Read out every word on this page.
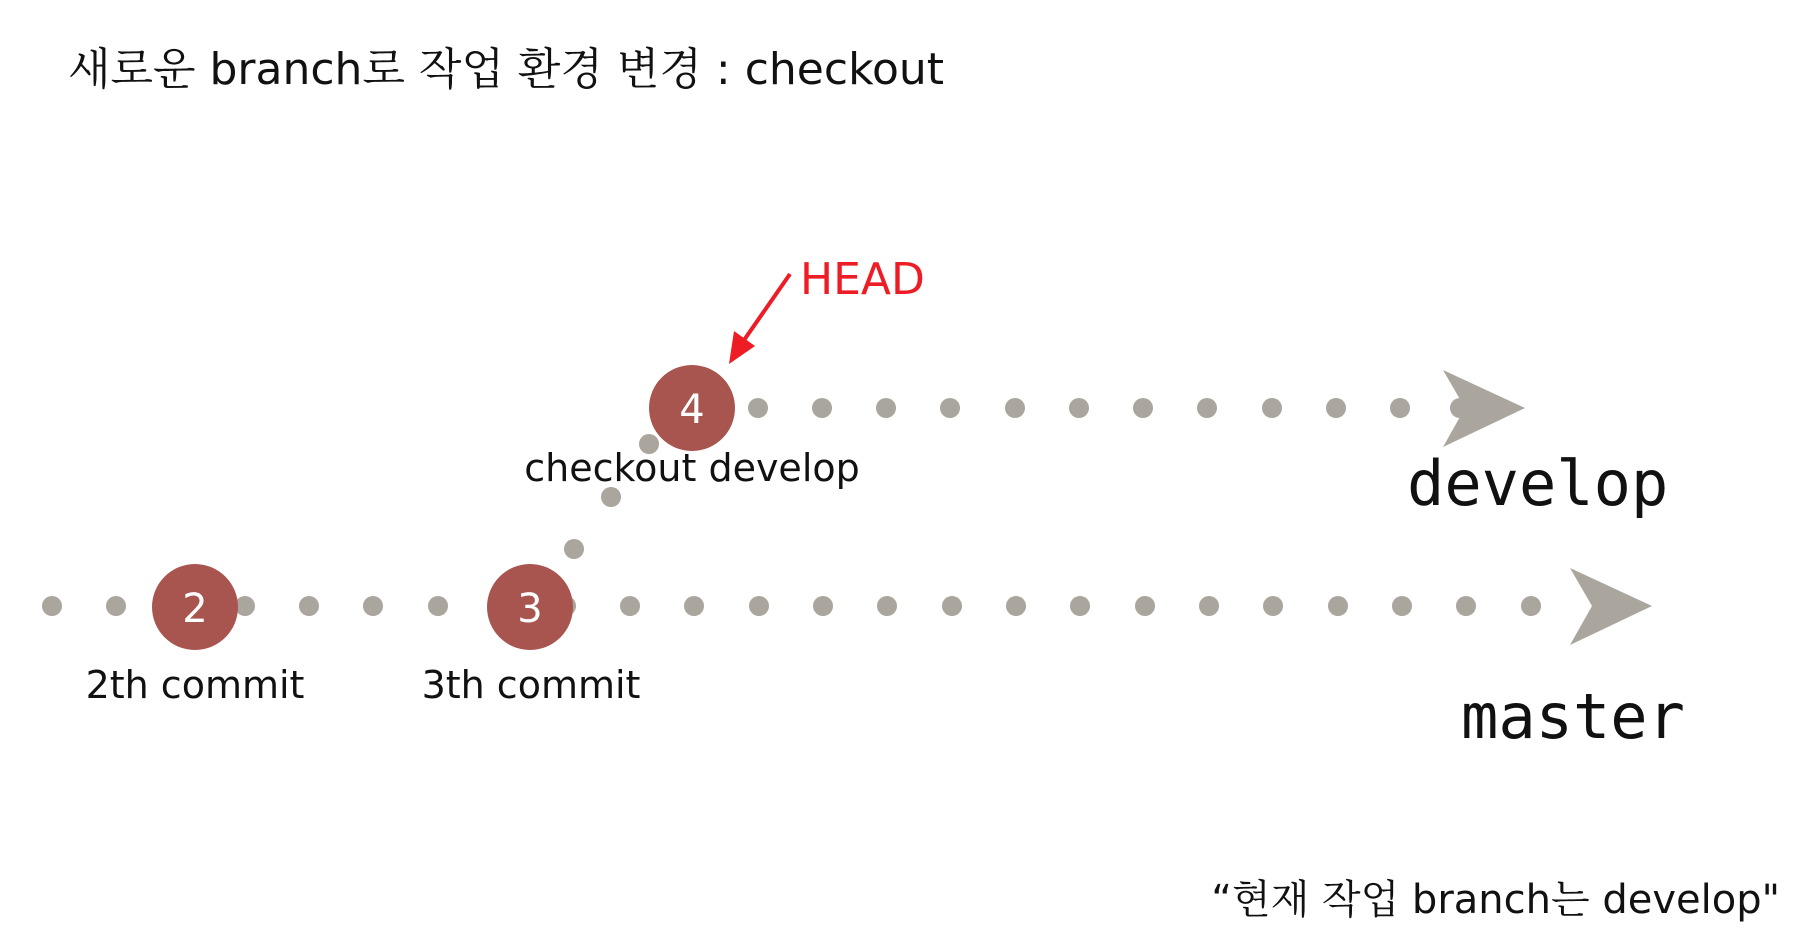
새로운 branch로 작업 환경 변경 : checkout
2
2th commit
3
3th commit
4
checkout develop
HEAD
develop
master
“현재 작업 branch는 develop"
